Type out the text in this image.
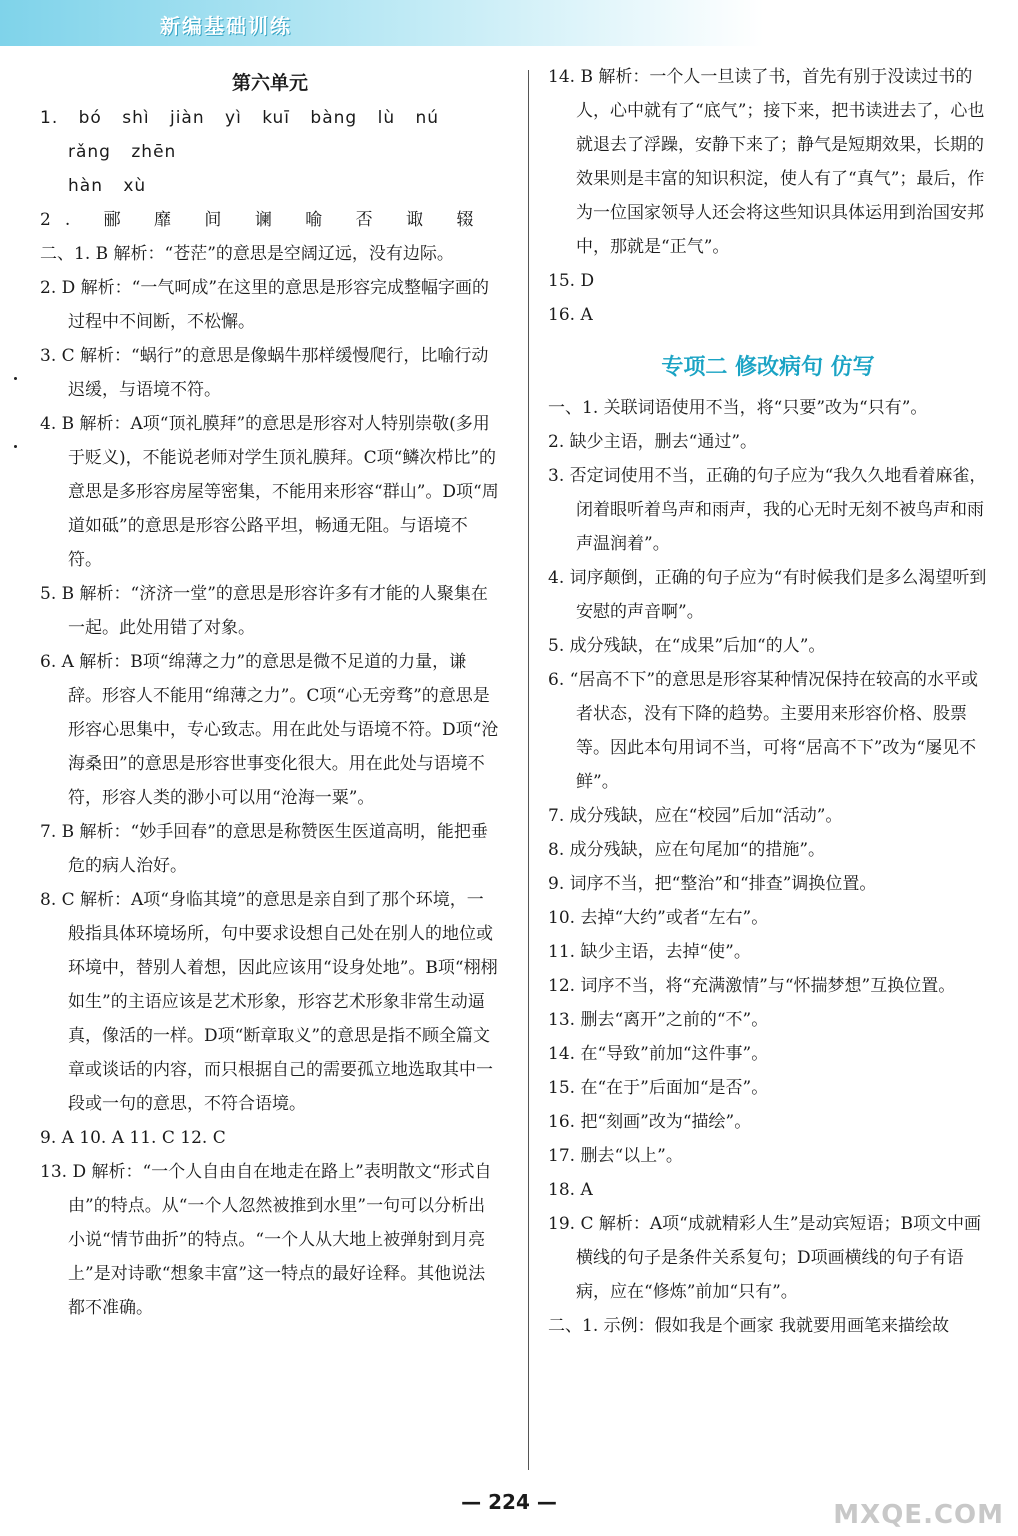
新编基础训练
第六单元

1. bó shì jiàn yì kuī bàng lù nú rǎng zhēn

hàn xù

2. 郦 靡 间 谰 喻 否 诹 辍

二、1. B 解析：“苍茫”的意思是空阔辽远，没有边际。

2. D 解析：“一气呵成”在这里的意思是形容完成整幅字画的过程中不间断，不松懈。

3. C 解析：“蜗行”的意思是像蜗牛那样缓慢爬行，比喻行动迟缓，与语境不符。

4. B 解析：A项“顶礼膜拜”的意思是形容对人特别崇敬(多用于贬义)，不能说老师对学生顶礼膜拜。C项“鳞次栉比”的意思是多形容房屋等密集，不能用来形容“群山”。D项“周道如砥”的意思是形容公路平坦，畅通无阻。与语境不符。

5. B 解析：“济济一堂”的意思是形容许多有才能的人聚集在一起。此处用错了对象。

6. A 解析：B项“绵薄之力”的意思是微不足道的力量，谦辞。形容人不能用“绵薄之力”。C项“心无旁骛”的意思是形容心思集中，专心致志。用在此处与语境不符。D项“沧海桑田”的意思是形容世事变化很大。用在此处与语境不符，形容人类的渺小可以用“沧海一粟”。

7. B 解析：“妙手回春”的意思是称赞医生医道高明，能把垂危的病人治好。

8. C 解析：A项“身临其境”的意思是亲自到了那个环境，一般指具体环境场所，句中要求设想自己处在别人的地位或环境中，替别人着想，因此应该用“设身处地”。B项“栩栩如生”的主语应该是艺术形象，形容艺术形象非常生动逼真，像活的一样。D项“断章取义”的意思是指不顾全篇文章或谈话的内容，而只根据自己的需要孤立地选取其中一段或一句的意思，不符合语境。

9. A 10. A 11. C 12. C

13. D 解析：“一个人自由自在地走在路上”表明散文“形式自由”的特点。从“一个人忽然被推到水里”一句可以分析出小说“情节曲折”的特点。“一个人从大地上被弹射到月亮上”是对诗歌“想象丰富”这一特点的最好诠释。其他说法都不准确。

14. B 解析：一个人一旦读了书，首先有别于没读过书的人，心中就有了“底气”；接下来，把书读进去了，心也就退去了浮躁，安静下来了；静气是短期效果，长期的效果则是丰富的知识积淀，使人有了“真气”；最后，作为一位国家领导人还会将这些知识具体运用到治国安邦中，那就是“正气”。

15. D

16. A

专项二 修改病句 仿写

一、1. 关联词语使用不当，将“只要”改为“只有”。

2. 缺少主语，删去“通过”。

3. 否定词使用不当，正确的句子应为“我久久地看着麻雀，闭着眼听着鸟声和雨声，我的心无时无刻不被鸟声和雨声温润着”。

4. 词序颠倒，正确的句子应为“有时候我们是多么渴望听到安慰的声音啊”。

5. 成分残缺，在“成果”后加“的人”。

6. “居高不下”的意思是形容某种情况保持在较高的水平或者状态，没有下降的趋势。主要用来形容价格、股票等。因此本句用词不当，可将“居高不下”改为“屡见不鲜”。

7. 成分残缺，应在“校园”后加“活动”。

8. 成分残缺，应在句尾加“的措施”。

9. 词序不当，把“整治”和“排查”调换位置。

10. 去掉“大约”或者“左右”。

11. 缺少主语，去掉“使”。

12. 词序不当，将“充满激情”与“怀揣梦想”互换位置。

13. 删去“离开”之前的“不”。

14. 在“导致”前加“这件事”。

15. 在“在于”后面加“是否”。

16. 把“刻画”改为“描绘”。

17. 删去“以上”。

18. A

19. C 解析：A项“成就精彩人生”是动宾短语；B项文中画横线的句子是条件关系复句；D项画横线的句子有语病，应在“修炼”前加“只有”。

二、1. 示例：假如我是个画家 我就要用画笔来描绘故

— 224 —	MXQE.COM
